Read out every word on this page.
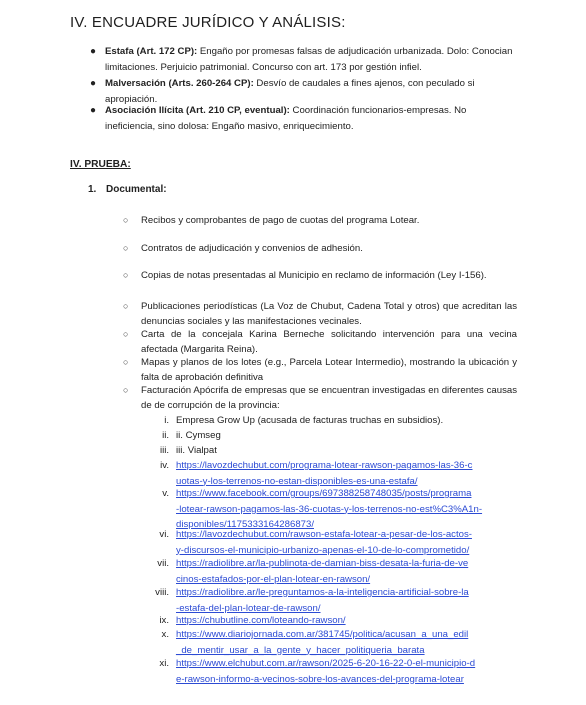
IV. ENCUADRE JURÍDICO Y ANÁLISIS:
● Estafa (Art. 172 CP): Engaño por promesas falsas de adjudicación urbanizada. Dolo: Conocian limitaciones. Perjuicio patrimonial. Concurso con art. 173 por gestión infiel.
● Malversación (Arts. 260-264 CP): Desvío de caudales a fines ajenos, con peculado si apropiación.
● Asociación Ilícita (Art. 210 CP, eventual): Coordinación funcionarios-empresas. No ineficiencia, sino dolosa: Engaño masivo, enriquecimiento.
IV. PRUEBA:
1. Documental:
○ Recibos y comprobantes de pago de cuotas del programa Lotear.
○ Contratos de adjudicación y convenios de adhesión.
○ Copias de notas presentadas al Municipio en reclamo de información (Ley I-156).
○ Publicaciones periodísticas (La Voz de Chubut, Cadena Total y otros) que acreditan las denuncias sociales y las manifestaciones vecinales.
○ Carta de la concejala Karina Berneche solicitando intervención para una vecina afectada (Margarita Reina).
○ Mapas y planos de los lotes (e.g., Parcela Lotear Intermedio), mostrando la ubicación y falta de aprobación definitiva
○ Facturación Apócrifa de empresas que se encuentran investigadas en diferentes causas de de corrupción de la provincia:
i. Empresa Grow Up (acusada de facturas truchas en subsidios).
ii. ii. Cymseg
iii. iii. Vialpat
iv. https://lavozdechubut.com/programa-lotear-rawson-pagamos-las-36-c
uotas-y-los-terrenos-no-estan-disponibles-es-una-estafa/
v. https://www.facebook.com/groups/697388258748035/posts/programa
-lotear-rawson-pagamos-las-36-cuotas-y-los-terrenos-no-est%C3%A1n-
disponibles/1175333164286873/
vi. https://lavozdechubut.com/rawson-estafa-lotear-a-pesar-de-los-actos-
y-discursos-el-municipio-urbanizo-apenas-el-10-de-lo-comprometido/
vii. https://radiolibre.ar/la-publinota-de-damian-biss-desata-la-furia-de-ve
cinos-estafados-por-el-plan-lotear-en-rawson/
viii. https://radiolibre.ar/le-preguntamos-a-la-inteligencia-artificial-sobre-la
-estafa-del-plan-lotear-de-rawson/
ix. https://chubutline.com/loteando-rawson/
x. https://www.diariojornada.com.ar/381745/politica/acusan_a_una_edil
_de_mentir_usar_a_la_gente_y_hacer_politiqueria_barata
xi. https://www.elchubut.com.ar/rawson/2025-6-20-16-22-0-el-municipio-d
e-rawson-informo-a-vecinos-sobre-los-avances-del-programa-lotear
